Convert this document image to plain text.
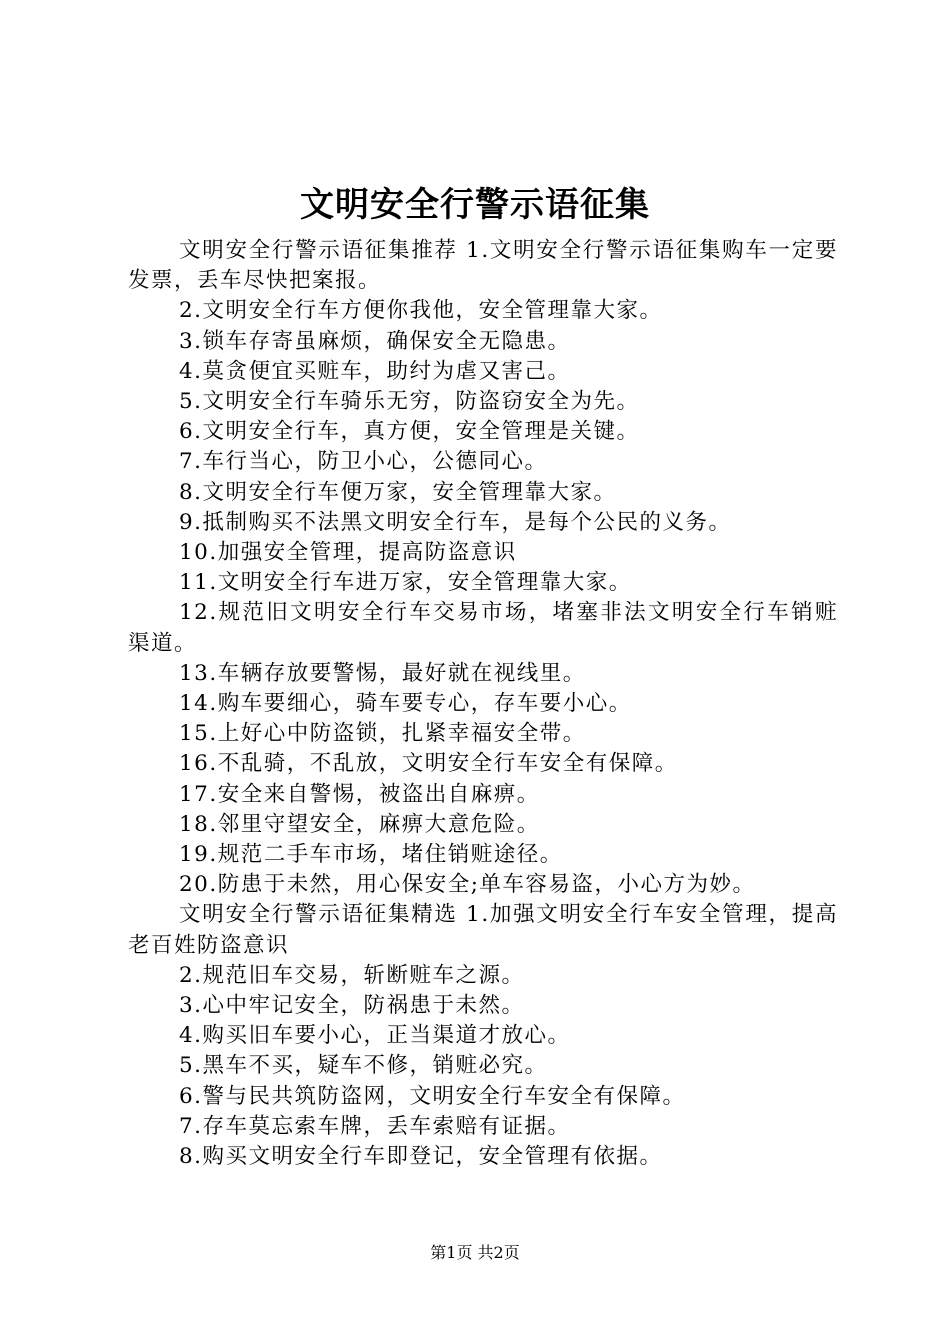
文明安全行警示语征集

文明安全行警示语征集推荐 1.文明安全行警示语征集购车一定要发票，丢车尽快把案报。

2.文明安全行车方便你我他，安全管理靠大家。

3.锁车存寄虽麻烦，确保安全无隐患。

4.莫贪便宜买赃车，助纣为虐又害己。

5.文明安全行车骑乐无穷，防盗窃安全为先。

6.文明安全行车，真方便，安全管理是关键。

7.车行当心，防卫小心，公德同心。

8.文明安全行车便万家，安全管理靠大家。

9.抵制购买不法黑文明安全行车，是每个公民的义务。

10.加强安全管理，提高防盗意识

11.文明安全行车进万家，安全管理靠大家。

12.规范旧文明安全行车交易市场，堵塞非法文明安全行车销赃渠道。

13.车辆存放要警惕，最好就在视线里。

14.购车要细心，骑车要专心，存车要小心。

15.上好心中防盗锁，扎紧幸福安全带。

16.不乱骑，不乱放，文明安全行车安全有保障。

17.安全来自警惕，被盗出自麻痹。

18.邻里守望安全，麻痹大意危险。

19.规范二手车市场，堵住销赃途径。

20.防患于未然，用心保安全;单车容易盗，小心方为妙。

文明安全行警示语征集精选 1.加强文明安全行车安全管理，提高老百姓防盗意识

2.规范旧车交易，斩断赃车之源。

3.心中牢记安全，防祸患于未然。

4.购买旧车要小心，正当渠道才放心。

5.黑车不买，疑车不修，销赃必究。

6.警与民共筑防盗网，文明安全行车安全有保障。

7.存车莫忘索车牌，丢车索赔有证据。

8.购买文明安全行车即登记，安全管理有依据。

第1页 共2页
